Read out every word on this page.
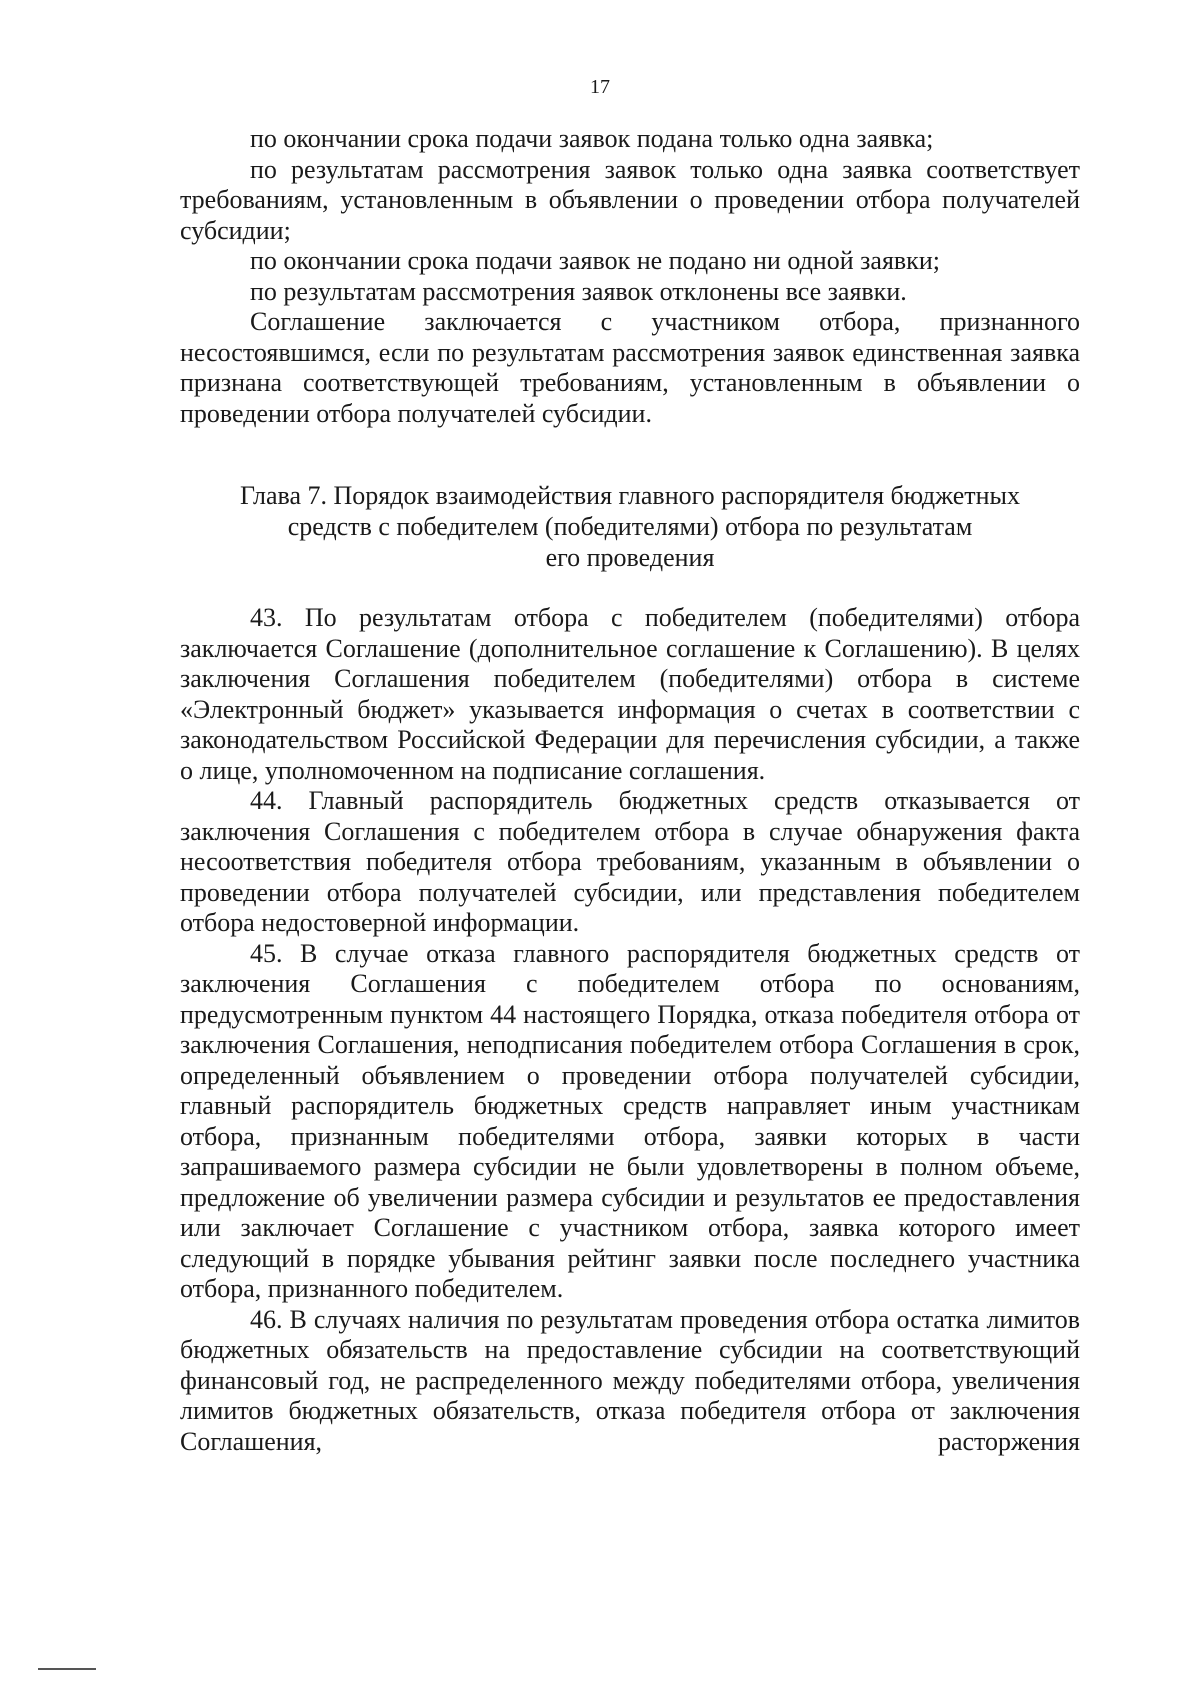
17

по окончании срока подачи заявок подана только одна заявка;

по результатам рассмотрения заявок только одна заявка соответствует требованиям, установленным в объявлении о проведении отбора получателей субсидии;

по окончании срока подачи заявок не подано ни одной заявки;

по результатам рассмотрения заявок отклонены все заявки.

Соглашение заключается с участником отбора, признанного несостоявшимся, если по результатам рассмотрения заявок единственная заявка признана соответствующей требованиям, установленным в объявлении о проведении отбора получателей субсидии.

Глава 7. Порядок взаимодействия главного распорядителя бюджетных
средств с победителем (победителями) отбора по результатам
его проведения

43. По результатам отбора с победителем (победителями) отбора заключается Соглашение (дополнительное соглашение к Соглашению). В целях заключения Соглашения победителем (победителями) отбора в системе «Электронный бюджет» указывается информация о счетах в соответствии с законодательством Российской Федерации для перечисления субсидии, а также о лице, уполномоченном на подписание соглашения.

44. Главный распорядитель бюджетных средств отказывается от заключения Соглашения с победителем отбора в случае обнаружения факта несоответствия победителя отбора требованиям, указанным в объявлении о проведении отбора получателей субсидии, или представления победителем отбора недостоверной информации.

45. В случае отказа главного распорядителя бюджетных средств от заключения Соглашения с победителем отбора по основаниям, предусмотренным пунктом 44 настоящего Порядка, отказа победителя отбора от заключения Соглашения, неподписания победителем отбора Соглашения в срок, определенный объявлением о проведении отбора получателей субсидии, главный распорядитель бюджетных средств направляет иным участникам отбора, признанным победителями отбора, заявки которых в части запрашиваемого размера субсидии не были удовлетворены в полном объеме, предложение об увеличении размера субсидии и результатов ее предоставления или заключает Соглашение с участником отбора, заявка которого имеет следующий в порядке убывания рейтинг заявки после последнего участника отбора, признанного победителем.

46. В случаях наличия по результатам проведения отбора остатка лимитов бюджетных обязательств на предоставление субсидии на соответствующий финансовый год, не распределенного между победителями отбора, увеличения лимитов бюджетных обязательств, отказа победителя отбора от заключения Соглашения, расторжения
